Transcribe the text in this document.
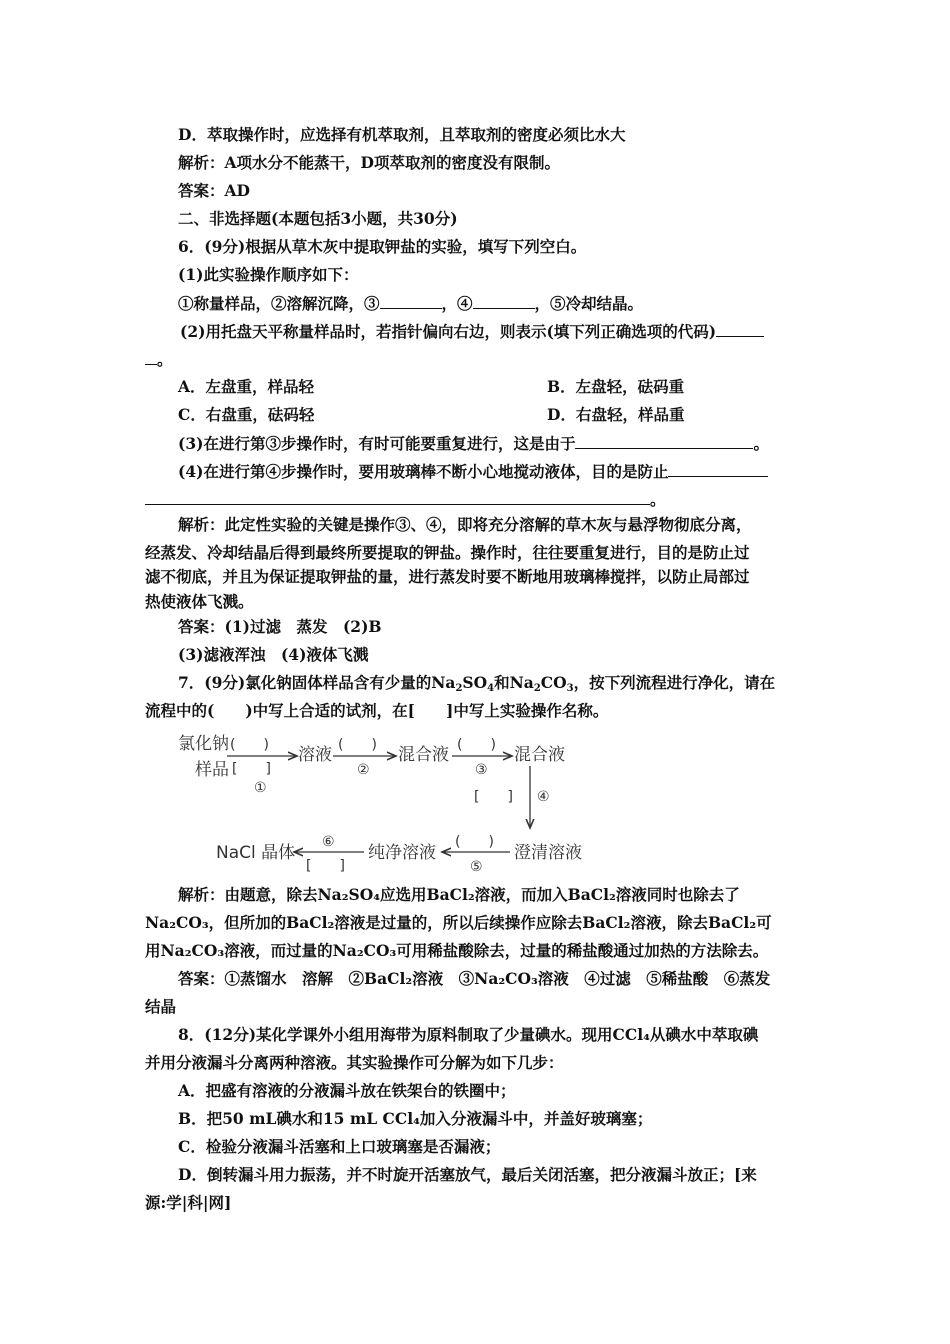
D．萃取操作时，应选择有机萃取剂，且萃取剂的密度必须比水大
解析：A项水分不能蒸干，D项萃取剂的密度没有限制。
答案：AD
二、非选择题(本题包括3小题，共30分)
6．(9分)根据从草木灰中提取钾盐的实验，填写下列空白。
(1)此实验操作顺序如下：
①称量样品，②溶解沉降，③	，④	，⑤冷却结晶。
(2)用托盘天平称量样品时，若指针偏向右边，则表示(填下列正确选项的代码)
。
A．左盘重，样品轻	B．左盘轻，砝码重
C．右盘重，砝码轻	D．右盘轻，样品重
(3)在进行第③步操作时，有时可能要重复进行，这是由于	。
(4)在进行第④步操作时，要用玻璃棒不断小心地搅动液体，目的是防止
。
解析：此定性实验的关键是操作③、④，即将充分溶解的草木灰与悬浮物彻底分离，
经蒸发、冷却结晶后得到最终所要提取的钾盐。操作时，往往要重复进行，目的是防止过
滤不彻底，并且为保证提取钾盐的量，进行蒸发时要不断地用玻璃棒搅拌，以防止局部过
热使液体飞溅。
答案：(1)过滤　蒸发　(2)B
(3)滤液浑浊　(4)液体飞溅
7．(9分)氯化钠固体样品含有少量的$Na_2SO_4$和$Na_2CO_3$，按下列流程进行净化，请在
流程中的(　　)中写上合适的试剂，在[　　]中写上实验操作名称。
氯化钠
样品
(　　)
[　　]
①
溶液 (　　)
②
混合液 (　　)
③
混合液
[　　] ④
澄清溶液
(　　)
⑤
纯净溶液
⑥
[　　]
NaCl 晶体
解析：由题意，除去Na₂SO₄应选用BaCl₂溶液，而加入BaCl₂溶液同时也除去了
Na₂CO₃，但所加的BaCl₂溶液是过量的，所以后续操作应除去BaCl₂溶液，除去BaCl₂可
用Na₂CO₃溶液，而过量的Na₂CO₃可用稀盐酸除去，过量的稀盐酸通过加热的方法除去。
答案：①蒸馏水　溶解　②BaCl₂溶液　③Na₂CO₃溶液　④过滤　⑤稀盐酸　⑥蒸发
结晶
8．(12分)某化学课外小组用海带为原料制取了少量碘水。现用CCl₄从碘水中萃取碘
并用分液漏斗分离两种溶液。其实验操作可分解为如下几步：
A．把盛有溶液的分液漏斗放在铁架台的铁圈中；
B．把50 mL碘水和15 mL CCl₄加入分液漏斗中，并盖好玻璃塞；
C．检验分液漏斗活塞和上口玻璃塞是否漏液；
D．倒转漏斗用力振荡，并不时旋开活塞放气，最后关闭活塞，把分液漏斗放正；[来
源:学|科|网]
